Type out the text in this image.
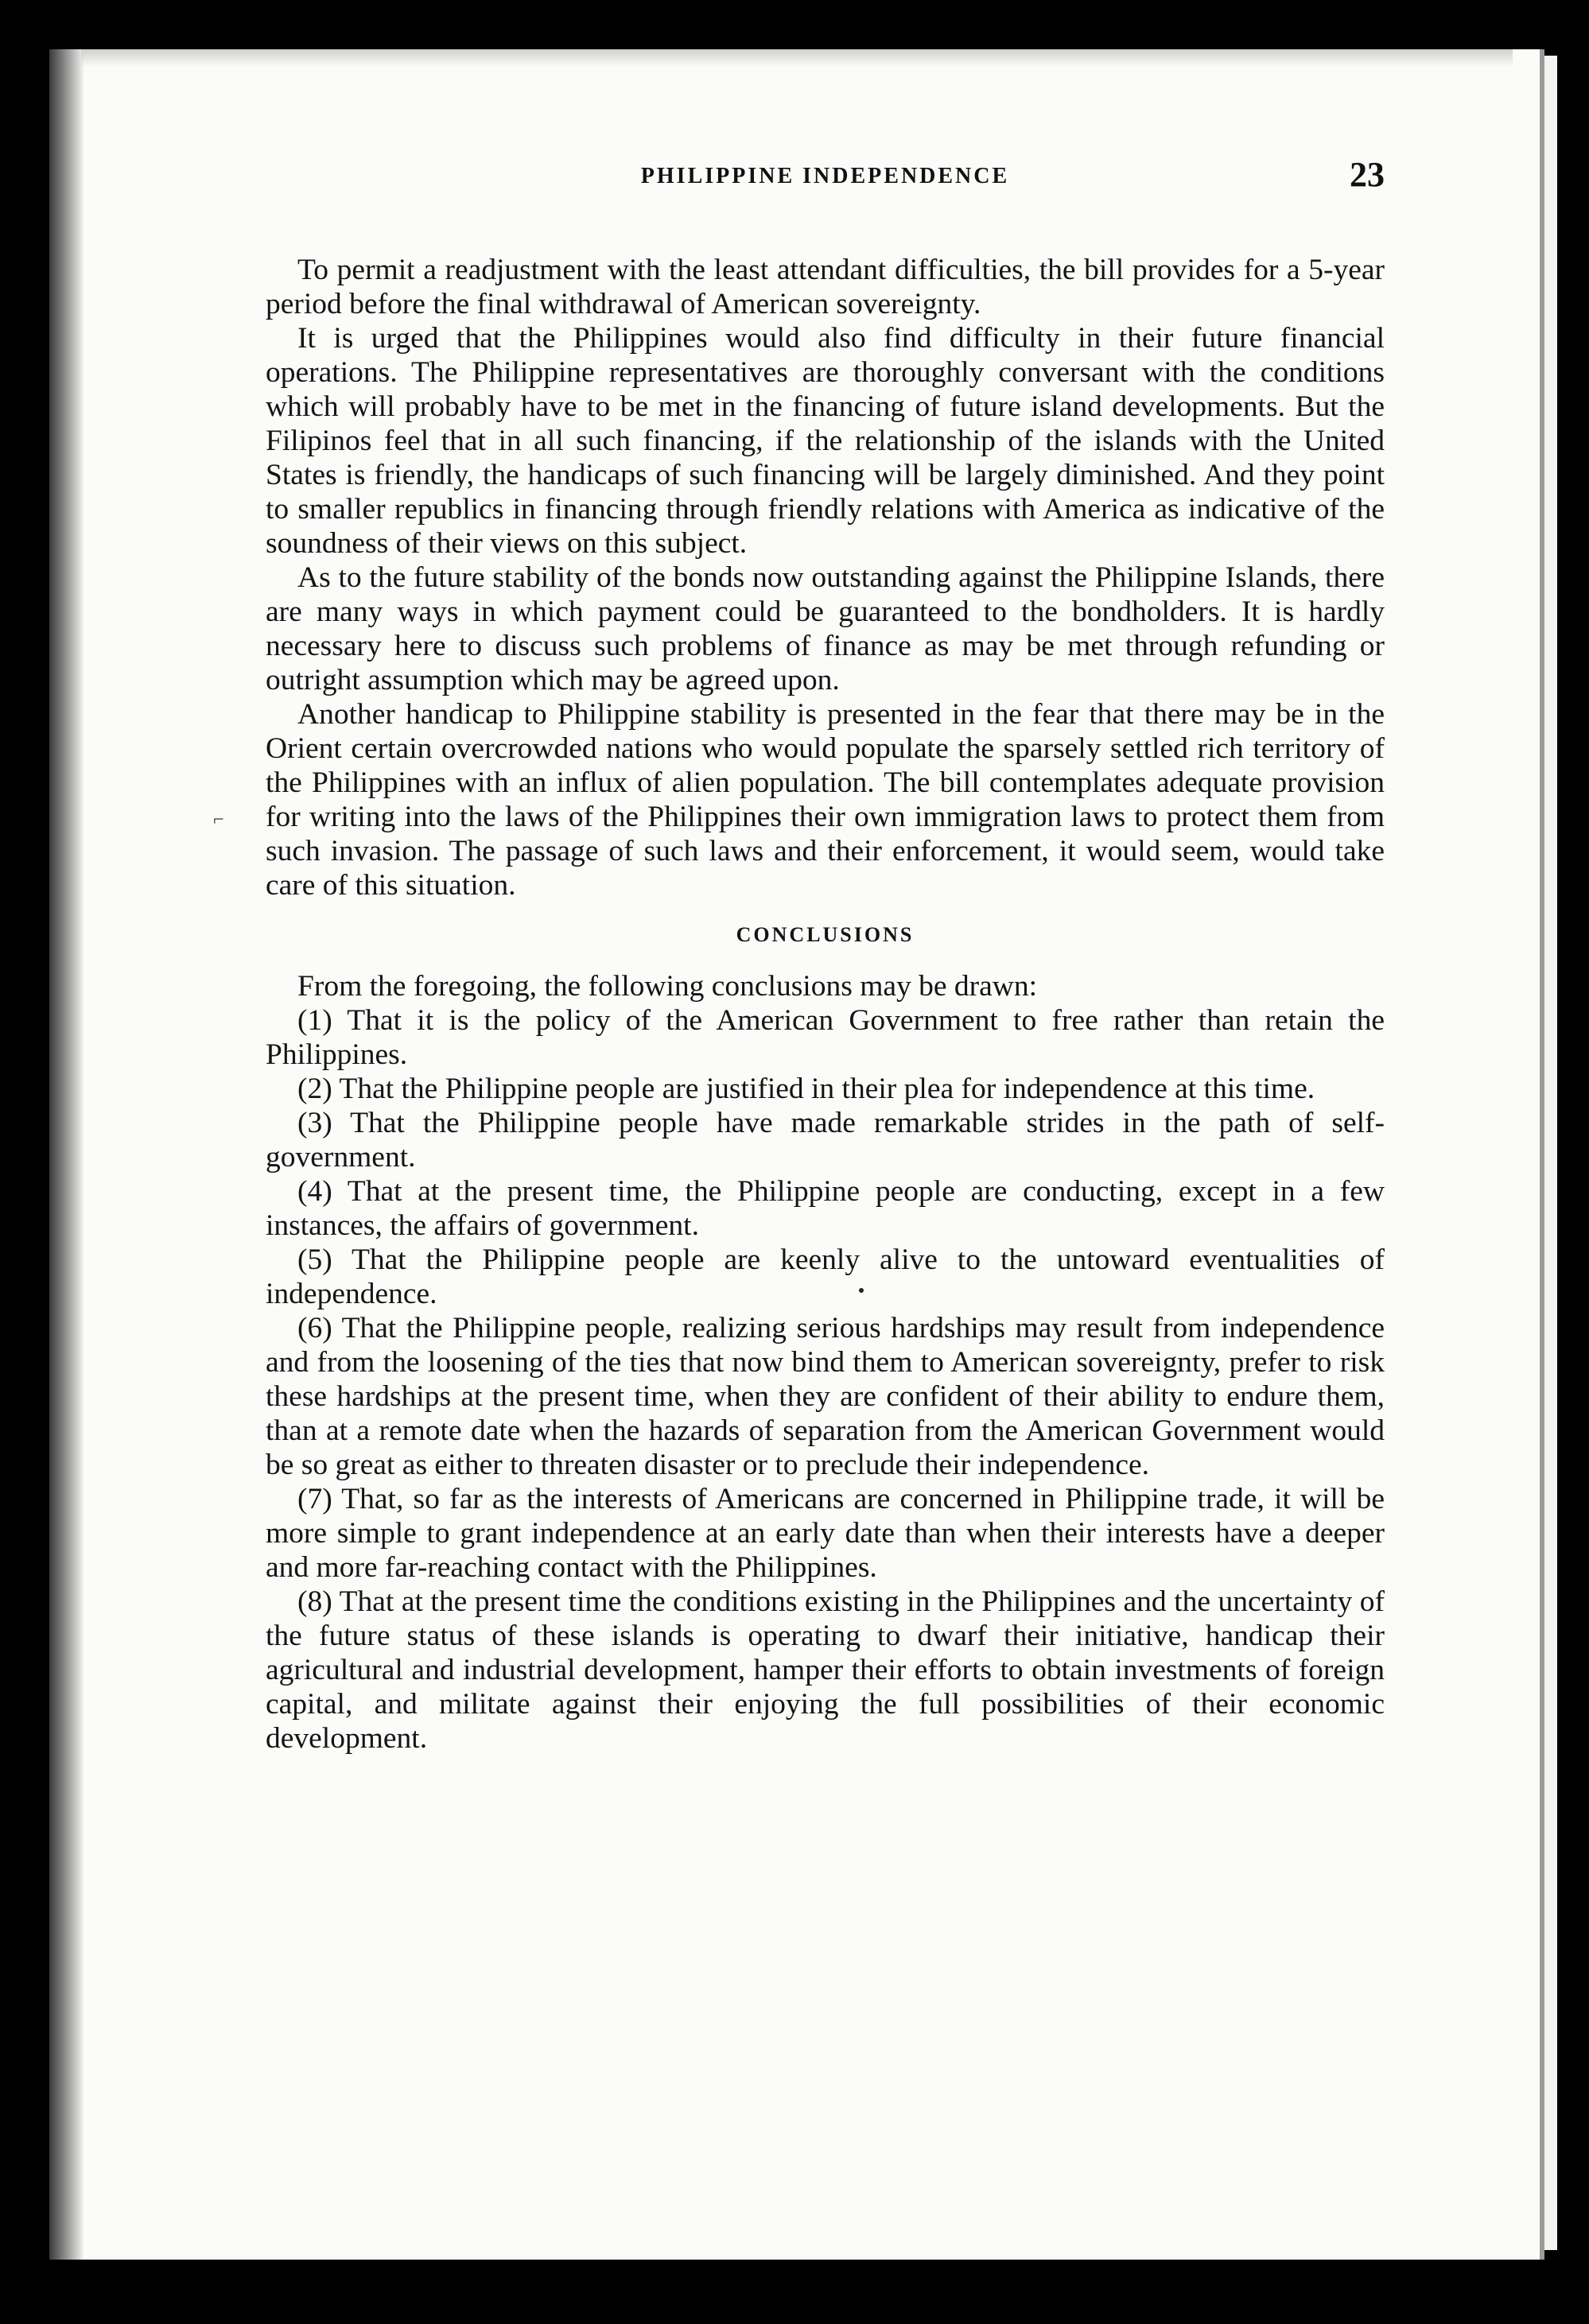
PHILIPPINE INDEPENDENCE	23
⌐

To permit a readjustment with the least attendant difficulties, the bill provides for a 5-year period before the final withdrawal of American sovereignty.

It is urged that the Philippines would also find difficulty in their future financial operations. The Philippine representatives are thoroughly conversant with the conditions which will probably have to be met in the financing of future island developments. But the Filipinos feel that in all such financing, if the relationship of the islands with the United States is friendly, the handicaps of such financing will be largely diminished. And they point to smaller republics in financing through friendly relations with America as indicative of the soundness of their views on this subject.

As to the future stability of the bonds now outstanding against the Philippine Islands, there are many ways in which payment could be guaranteed to the bondholders. It is hardly necessary here to discuss such problems of finance as may be met through refunding or outright assumption which may be agreed upon.

Another handicap to Philippine stability is presented in the fear that there may be in the Orient certain overcrowded nations who would populate the sparsely settled rich territory of the Philippines with an influx of alien population. The bill contemplates adequate provision for writing into the laws of the Philippines their own immigration laws to protect them from such invasion. The passage of such laws and their enforcement, it would seem, would take care of this situation.

CONCLUSIONS

From the foregoing, the following conclusions may be drawn:

(1) That it is the policy of the American Government to free rather than retain the Philippines.

(2) That the Philippine people are justified in their plea for independence at this time.

(3) That the Philippine people have made remarkable strides in the path of self-government.

(4) That at the present time, the Philippine people are conducting, except in a few instances, the affairs of government.

(5) That the Philippine people are keenly alive to the untoward eventualities of independence.

(6) That the Philippine people, realizing serious hardships may result from independence and from the loosening of the ties that now bind them to American sovereignty, prefer to risk these hardships at the present time, when they are confident of their ability to endure them, than at a remote date when the hazards of separation from the American Government would be so great as either to threaten disaster or to preclude their independence.

(7) That, so far as the interests of Americans are concerned in Philippine trade, it will be more simple to grant independence at an early date than when their interests have a deeper and more far-reaching contact with the Philippines.

(8) That at the present time the conditions existing in the Philippines and the uncertainty of the future status of these islands is operating to dwarf their initiative, handicap their agricultural and industrial development, hamper their efforts to obtain investments of foreign capital, and militate against their enjoying the full possibilities of their economic development.
